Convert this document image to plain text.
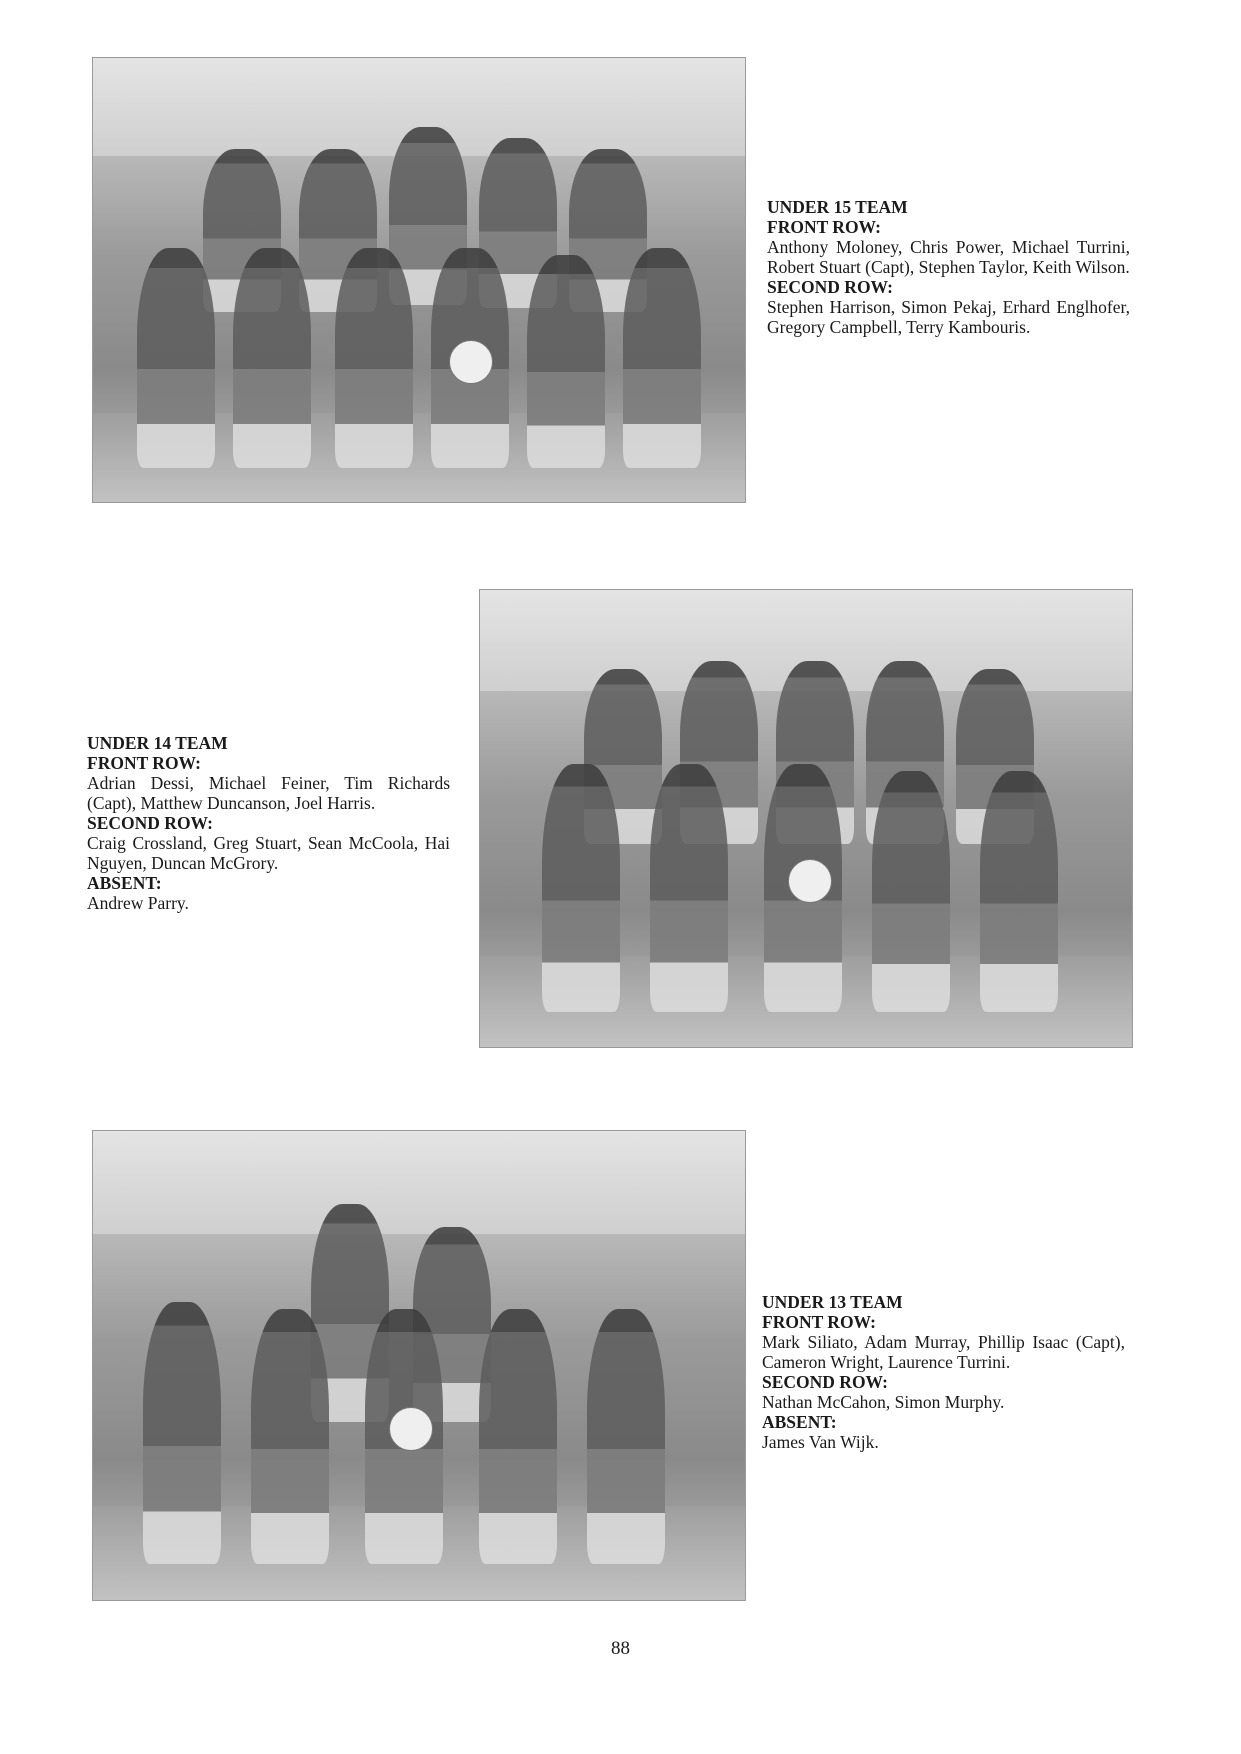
UNDER 15 TEAM
FRONT ROW:
Anthony Moloney, Chris Power, Michael Turrini, Robert Stuart (Capt), Stephen Taylor, Keith Wilson.
SECOND ROW:
Stephen Harrison, Simon Pekaj, Erhard Englhofer, Gregory Campbell, Terry Kambouris.
UNDER 14 TEAM
FRONT ROW:
Adrian Dessi, Michael Feiner, Tim Richards (Capt), Matthew Duncanson, Joel Harris.
SECOND ROW:
Craig Crossland, Greg Stuart, Sean McCoola, Hai Nguyen, Duncan McGrory.
ABSENT:
Andrew Parry.
UNDER 13 TEAM
FRONT ROW:
Mark Siliato, Adam Murray, Phillip Isaac (Capt), Cameron Wright, Laurence Turrini.
SECOND ROW:
Nathan McCahon, Simon Murphy.
ABSENT:
James Van Wijk.
88
